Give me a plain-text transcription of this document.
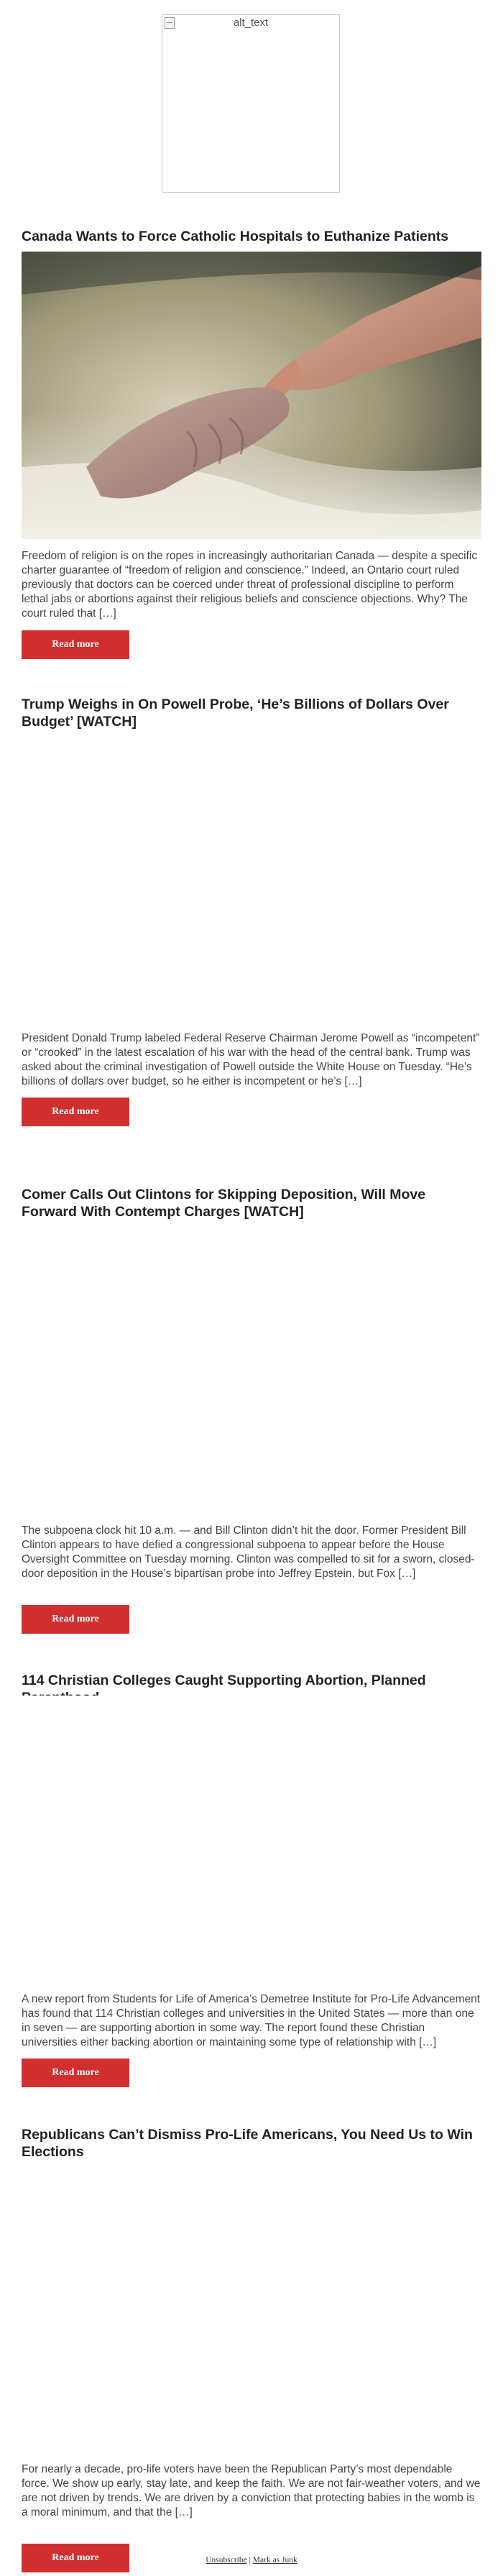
alt_text
Canada Wants to Force Catholic Hospitals to Euthanize Patients

Freedom of religion is on the ropes in increasingly authoritarian Canada — despite a specific charter guarantee of “freedom of religion and conscience.” Indeed, an Ontario court ruled previously that doctors can be coerced under threat of professional discipline to perform lethal jabs or abortions against their religious beliefs and conscience objections. Why? The court ruled that […]

Read more
Trump Weighs in On Powell Probe, ‘He’s Billions of Dollars Over Budget’ [WATCH]

President Donald Trump labeled Federal Reserve Chairman Jerome Powell as “incompetent” or “crooked” in the latest escalation of his war with the head of the central bank. Trump was asked about the criminal investigation of Powell outside the White House on Tuesday. “He’s billions of dollars over budget, so he either is incompetent or he’s […]

Read more
Comer Calls Out Clintons for Skipping Deposition, Will Move Forward With Contempt Charges [WATCH]

The subpoena clock hit 10 a.m. — and Bill Clinton didn’t hit the door. Former President Bill Clinton appears to have defied a congressional subpoena to appear before the House Oversight Committee on Tuesday morning. Clinton was compelled to sit for a sworn, closed-door deposition in the House’s bipartisan probe into Jeffrey Epstein, but Fox […]

Read more
114 Christian Colleges Caught Supporting Abortion, Planned

A new report from Students for Life of America’s Demetree Institute for Pro-Life Advancement has found that 114 Christian colleges and universities in the United States — more than one in seven — are supporting abortion in some way. The report found these Christian universities either backing abortion or maintaining some type of relationship with […]

Read more
Republicans Can’t Dismiss Pro-Life Americans, You Need Us to Win Elections

For nearly a decade, pro-life voters have been the Republican Party’s most dependable force. We show up early, stay late, and keep the faith. We are not fair-weather voters, and we are not driven by trends. We are driven by a conviction that protecting babies in the womb is a moral minimum, and that the […]

Read more	Unsubscribe | Mark as Junk
